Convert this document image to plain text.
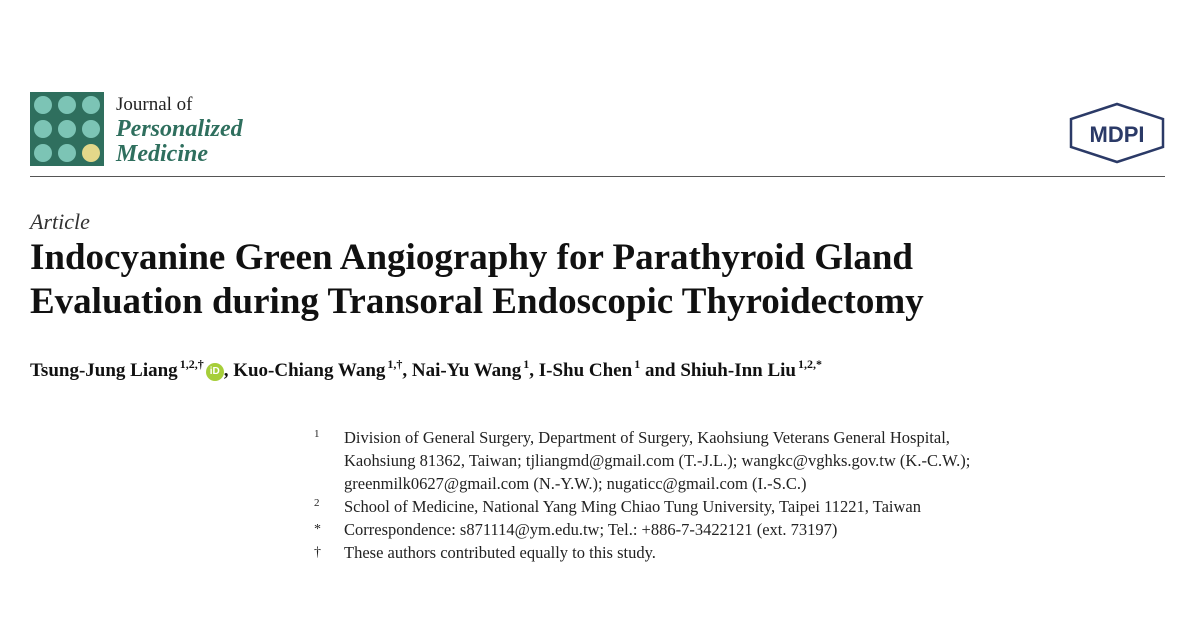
Journal of
Personalized
Medicine
MDPI
Article
Indocyanine Green Angiography for Parathyroid Gland
Evaluation during Transoral Endoscopic Thyroidectomy
Tsung-Jung Liang $^{1,2,\dagger}$iD , Kuo-Chiang Wang $^{1,\dagger}$, Nai-Yu Wang $^1$, I-Shu Chen $^1$ and Shiuh-Inn Liu $^{1,2,*}$
1	Division of General Surgery, Department of Surgery, Kaohsiung Veterans General Hospital,
Kaohsiung 81362, Taiwan; tjliangmd@gmail.com (T.-J.L.); wangkc@vghks.gov.tw (K.-C.W.);
greenmilk0627@gmail.com (N.-Y.W.); nugaticc@gmail.com (I.-S.C.)
2	School of Medicine, National Yang Ming Chiao Tung University, Taipei 11221, Taiwan
*	Correspondence: s871114@ym.edu.tw; Tel.: +886-7-3422121 (ext. 73197)
†	These authors contributed equally to this study.
